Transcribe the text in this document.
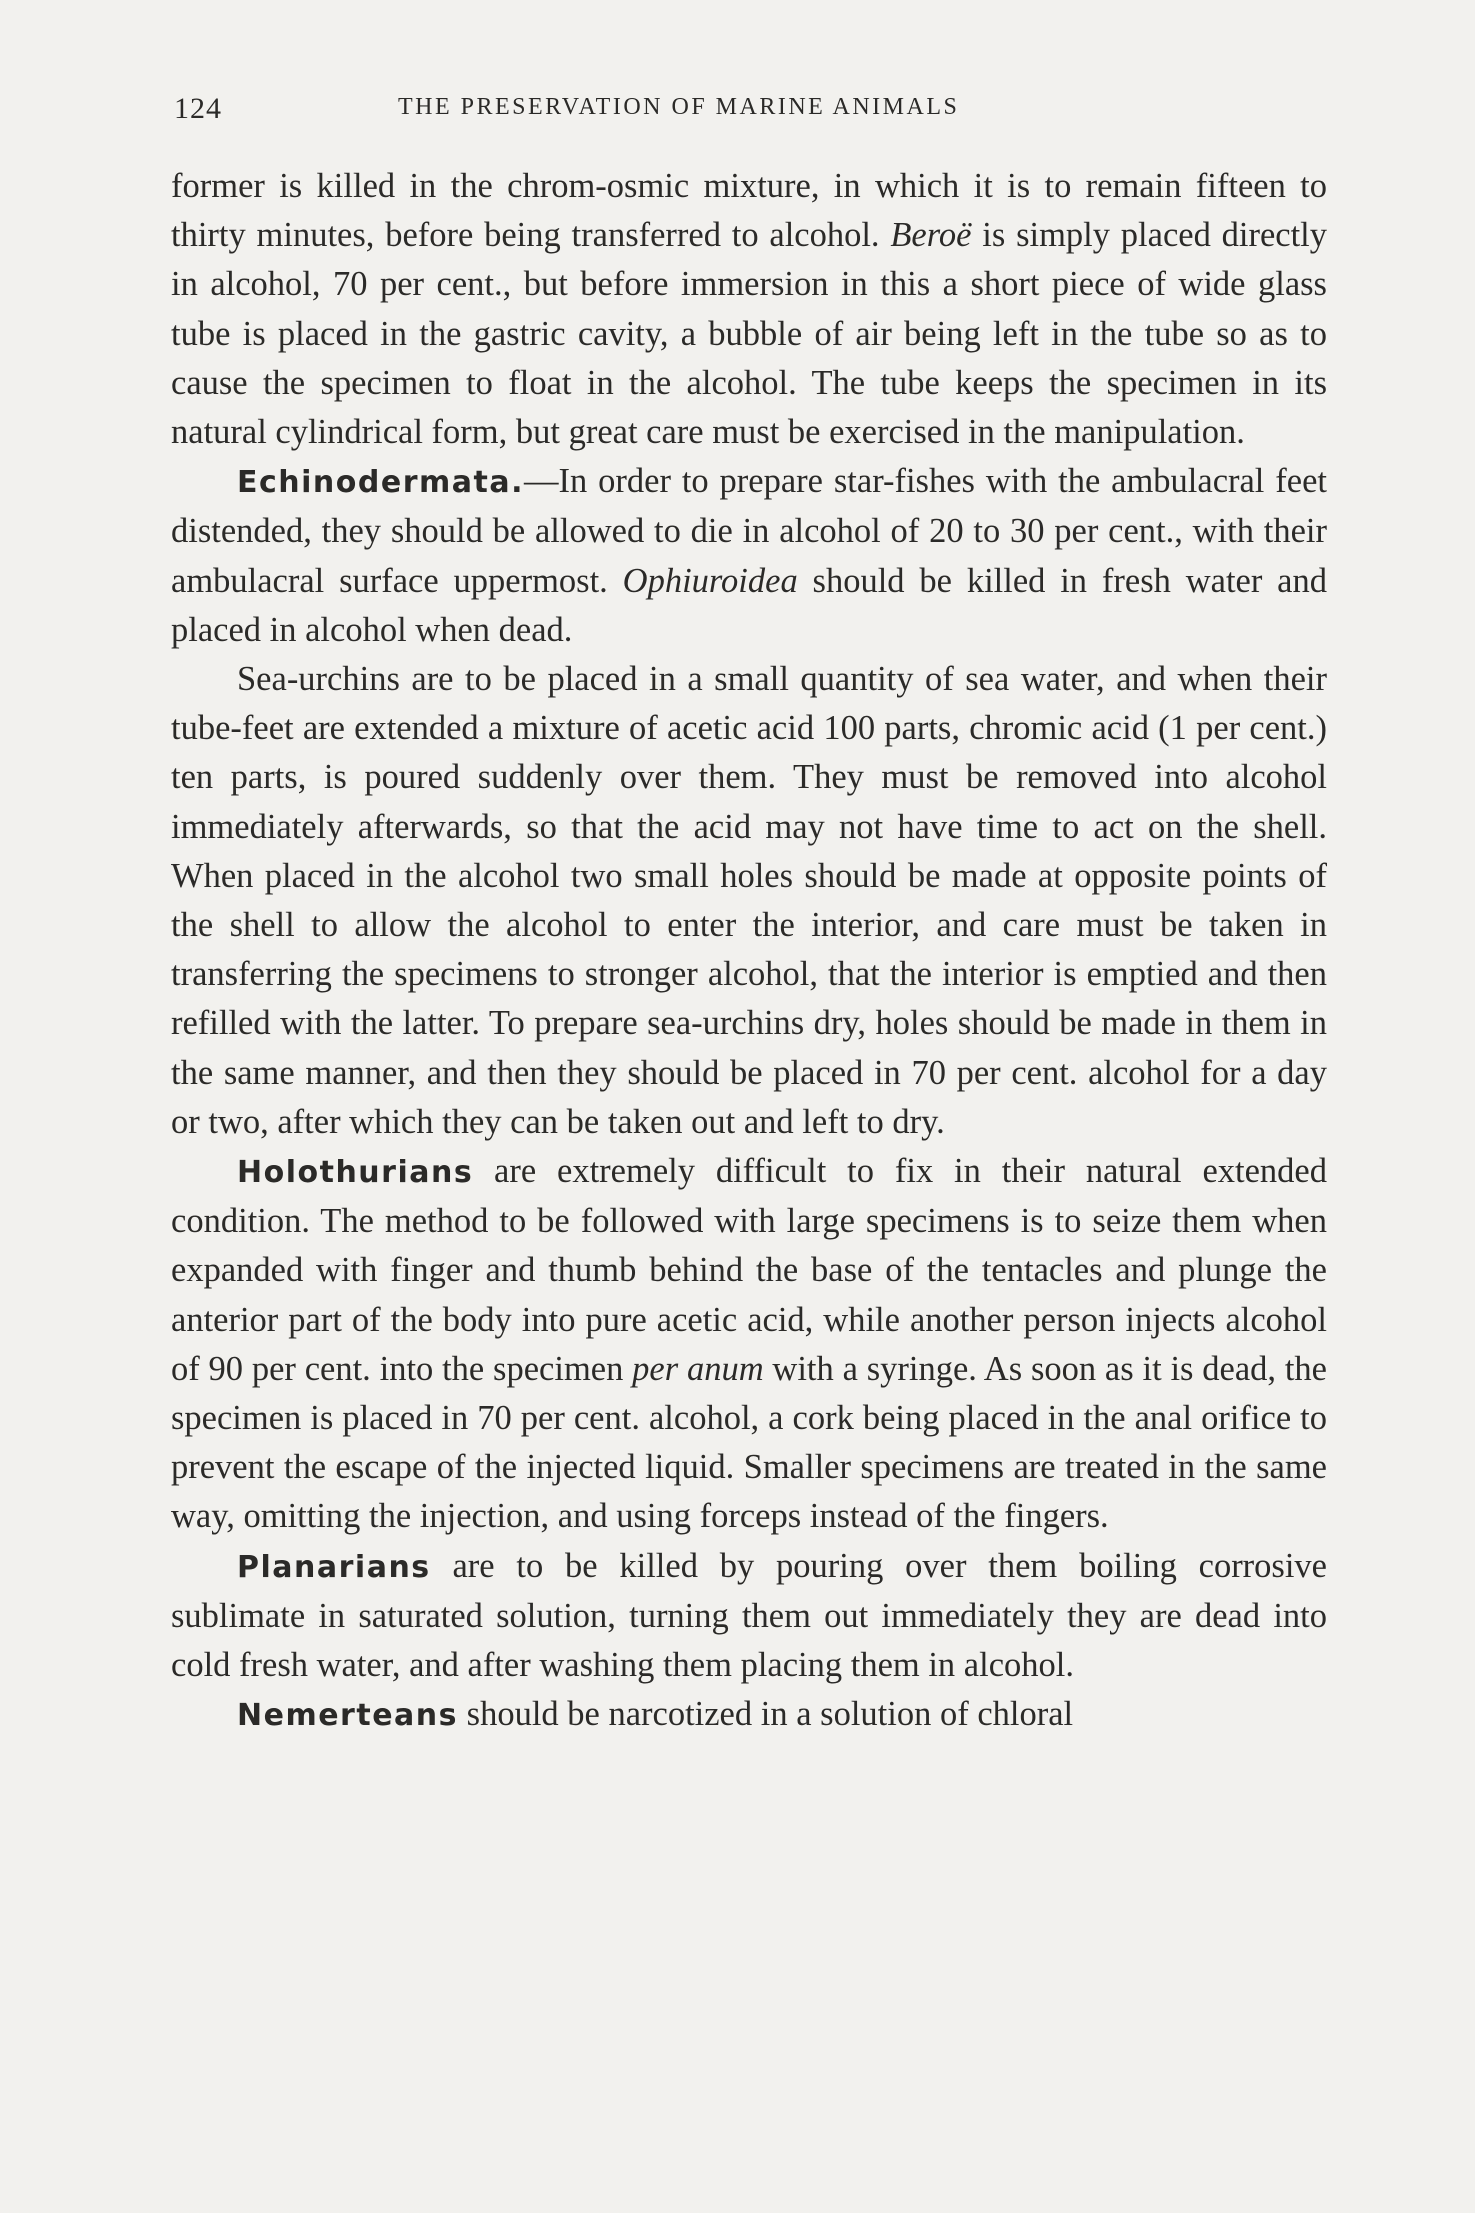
124	THE PRESERVATION OF MARINE ANIMALS

former is killed in the chrom-osmic mixture, in which it is to remain fifteen to thirty minutes, before being transferred to alcohol. Beroë is simply placed directly in alcohol, 70 per cent., but before immersion in this a short piece of wide glass tube is placed in the gastric cavity, a bubble of air being left in the tube so as to cause the specimen to float in the alcohol. The tube keeps the specimen in its natural cylindrical form, but great care must be exercised in the manipulation.

Echinodermata.—In order to prepare star-fishes with the ambulacral feet distended, they should be allowed to die in alcohol of 20 to 30 per cent., with their ambulacral surface uppermost. Ophiuroidea should be killed in fresh water and placed in alcohol when dead.

Sea-urchins are to be placed in a small quantity of sea water, and when their tube-feet are extended a mixture of acetic acid 100 parts, chromic acid (1 per cent.) ten parts, is poured suddenly over them. They must be removed into alcohol immediately afterwards, so that the acid may not have time to act on the shell. When placed in the alcohol two small holes should be made at opposite points of the shell to allow the alcohol to enter the interior, and care must be taken in transferring the specimens to stronger alcohol, that the interior is emptied and then refilled with the latter. To prepare sea-urchins dry, holes should be made in them in the same manner, and then they should be placed in 70 per cent. alcohol for a day or two, after which they can be taken out and left to dry.

Holothurians are extremely difficult to fix in their natural extended condition. The method to be followed with large specimens is to seize them when expanded with finger and thumb behind the base of the tentacles and plunge the anterior part of the body into pure acetic acid, while another person injects alcohol of 90 per cent. into the specimen per anum with a syringe. As soon as it is dead, the specimen is placed in 70 per cent. alcohol, a cork being placed in the anal orifice to prevent the escape of the injected liquid. Smaller specimens are treated in the same way, omitting the injection, and using forceps instead of the fingers.

Planarians are to be killed by pouring over them boiling corrosive sublimate in saturated solution, turning them out immediately they are dead into cold fresh water, and after washing them placing them in alcohol.

Nemerteans should be narcotized in a solution of chloral
